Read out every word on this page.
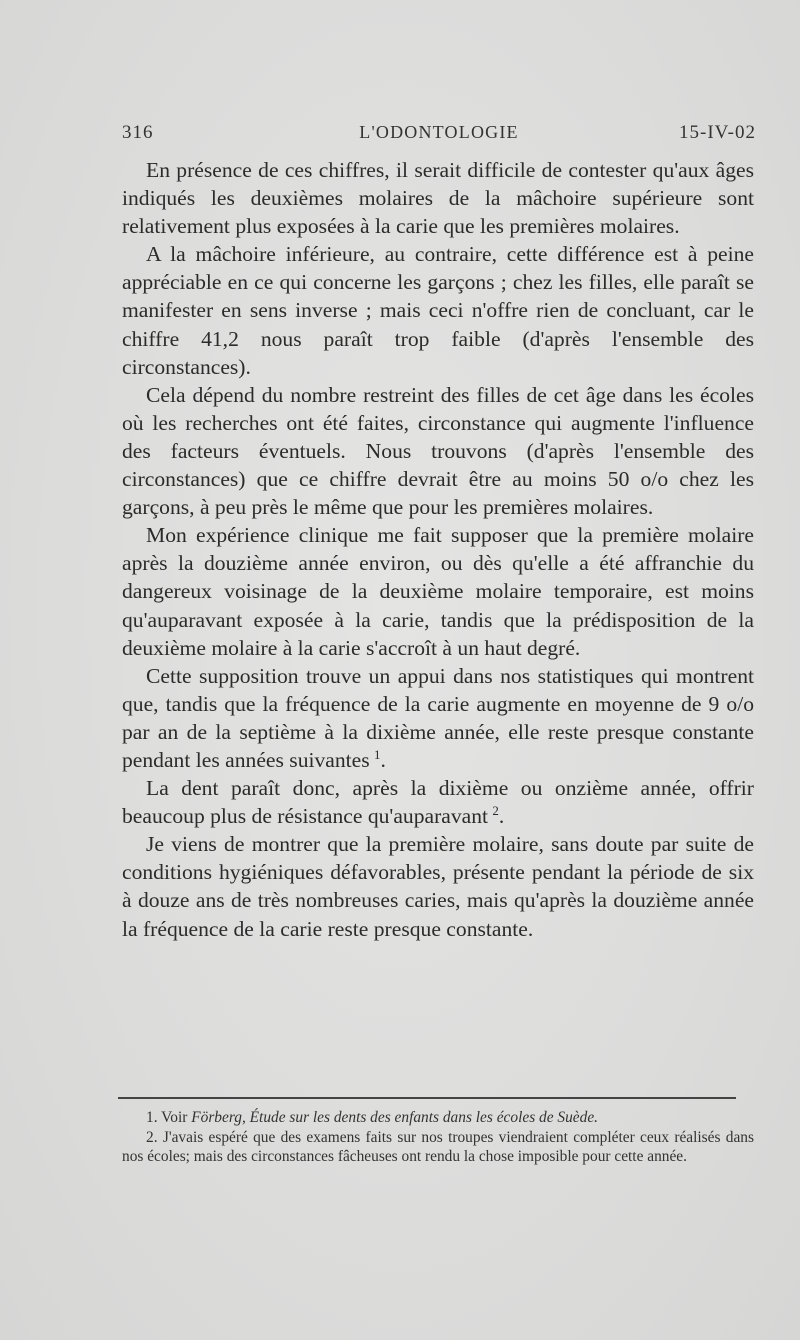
316	L'ODONTOLOGIE	15-IV-02

En présence de ces chiffres, il serait difficile de contester qu'aux âges indiqués les deuxièmes molaires de la mâchoire supérieure sont relativement plus exposées à la carie que les premières molaires.

A la mâchoire inférieure, au contraire, cette différence est à peine appréciable en ce qui concerne les garçons ; chez les filles, elle paraît se manifester en sens inverse ; mais ceci n'offre rien de concluant, car le chiffre 41,2 nous paraît trop faible (d'après l'ensemble des circonstances).

Cela dépend du nombre restreint des filles de cet âge dans les écoles où les recherches ont été faites, circonstance qui augmente l'influence des facteurs éventuels. Nous trouvons (d'après l'ensemble des circonstances) que ce chiffre devrait être au moins 50 o/o chez les garçons, à peu près le même que pour les premières molaires.

Mon expérience clinique me fait supposer que la première molaire après la douzième année environ, ou dès qu'elle a été affranchie du dangereux voisinage de la deuxième molaire temporaire, est moins qu'auparavant exposée à la carie, tandis que la prédisposition de la deuxième molaire à la carie s'accroît à un haut degré.

Cette supposition trouve un appui dans nos statistiques qui montrent que, tandis que la fréquence de la carie augmente en moyenne de 9 o/o par an de la septième à la dixième année, elle reste presque constante pendant les années suivantes  $^1$.

La dent paraît donc, après la dixième ou onzième année, offrir beaucoup plus de résistance qu'auparavant  $^2$.

Je viens de montrer que la première molaire, sans doute par suite de conditions hygiéniques défavorables, présente pendant la période de six à douze ans de très nombreuses caries, mais qu'après la douzième année la fréquence de la carie reste presque constante.

1. Voir Förberg, Étude sur les dents des enfants dans les écoles de Suède.

2. J'avais espéré que des examens faits sur nos troupes viendraient compléter ceux réalisés dans nos écoles; mais des circonstances fâcheuses ont rendu la chose imposible pour cette année.
